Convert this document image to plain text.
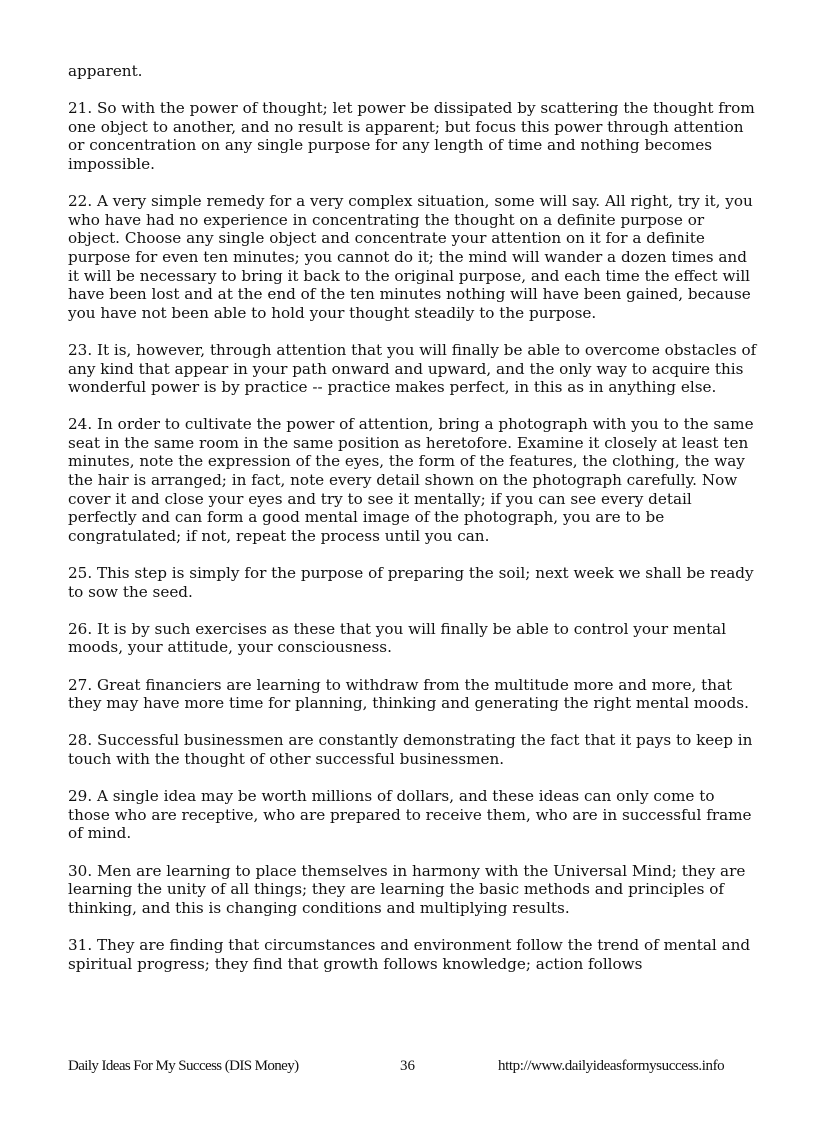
apparent.

21. So with the power of thought; let power be dissipated by scattering the thought from one object to another, and no result is apparent; but focus this power through attention or concentration on any single purpose for any length of time and nothing becomes impossible.

22. A very simple remedy for a very complex situation, some will say. All right, try it, you who have had no experience in concentrating the thought on a definite purpose or object. Choose any single object and concentrate your attention on it for a definite purpose for even ten minutes; you cannot do it; the mind will wander a dozen times and it will be necessary to bring it back to the original purpose, and each time the effect will have been lost and at the end of the ten minutes nothing will have been gained, because you have not been able to hold your thought steadily to the purpose.

23. It is, however, through attention that you will finally be able to overcome obstacles of any kind that appear in your path onward and upward, and the only way to acquire this wonderful power is by practice -- practice makes perfect, in this as in anything else.

24. In order to cultivate the power of attention, bring a photograph with you to the same seat in the same room in the same position as heretofore. Examine it closely at least ten minutes, note the expression of the eyes, the form of the features, the clothing, the way the hair is arranged; in fact, note every detail shown on the photograph carefully. Now cover it and close your eyes and try to see it mentally; if you can see every detail perfectly and can form a good mental image of the photograph, you are to be congratulated; if not, repeat the process until you can.

25. This step is simply for the purpose of preparing the soil; next week we shall be ready to sow the seed.

26. It is by such exercises as these that you will finally be able to control your mental moods, your attitude, your consciousness.

27. Great financiers are learning to withdraw from the multitude more and more, that they may have more time for planning, thinking and generating the right mental moods.

28. Successful businessmen are constantly demonstrating the fact that it pays to keep in touch with the thought of other successful businessmen.

29. A single idea may be worth millions of dollars, and these ideas can only come to those who are receptive, who are prepared to receive them, who are in successful frame of mind.

30. Men are learning to place themselves in harmony with the Universal Mind; they are learning the unity of all things; they are learning the basic methods and principles of thinking, and this is changing conditions and multiplying results.

31. They are finding that circumstances and environment follow the trend of mental and spiritual progress; they find that growth follows knowledge; action follows

Daily Ideas For My Success (DIS Money)	36	http://www.dailyideasformysuccess.info
